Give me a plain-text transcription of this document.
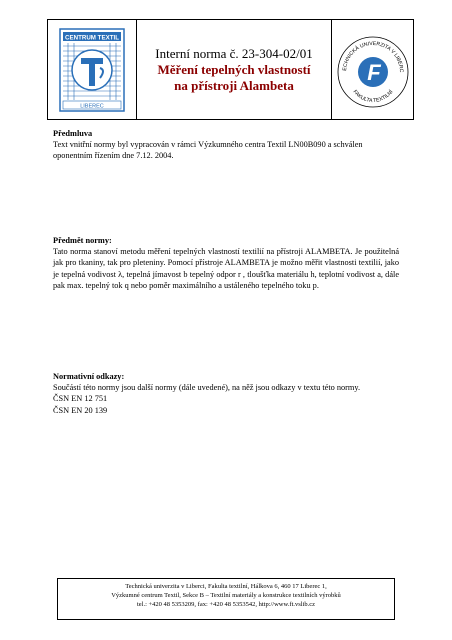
CENTRUM TEXTIL
LIBEREC
Interní norma č. 23-304-02/01
Měření tepelných vlastností
na přístroji Alambeta
ECHNICKÁ UNIVERZITA V LIBERC
FAKULTA TEXTILNÍ
F
Předmluva
Text vnitřní normy byl vypracován v rámci Výzkumného centra Textil LN00B090 a schválen
oponentním řízením dne 7.12. 2004.
Předmět normy:
Tato norma stanoví metodu měření tepelných vlastností textilií na přístroji ALAMBETA. Je použitelná jak pro tkaniny, tak pro pleteniny. Pomocí přístroje ALAMBETA je možno měřit vlastnosti textilií, jako je tepelná vodivost λ, tepelná jímavost b tepelný odpor r , tloušťka materiálu h, teplotní vodivost a, dále pak max. tepelný tok q nebo poměr maximálního a ustáleného tepelného toku p.
Normativní odkazy:
Součástí této normy jsou další normy (dále uvedené), na něž jsou odkazy v textu této normy.
ČSN EN 12 751
ČSN EN 20 139
Technická univerzita v Liberci, Fakulta textilní, Hálkova 6, 460 17 Liberec 1,
Výzkumné centrum Textil, Sekce B – Textilní materiály a konstrukce textilních výrobků
tel.: +420 48 5353209, fax: +420 48 5353542, http://www.ft.vslib.cz
